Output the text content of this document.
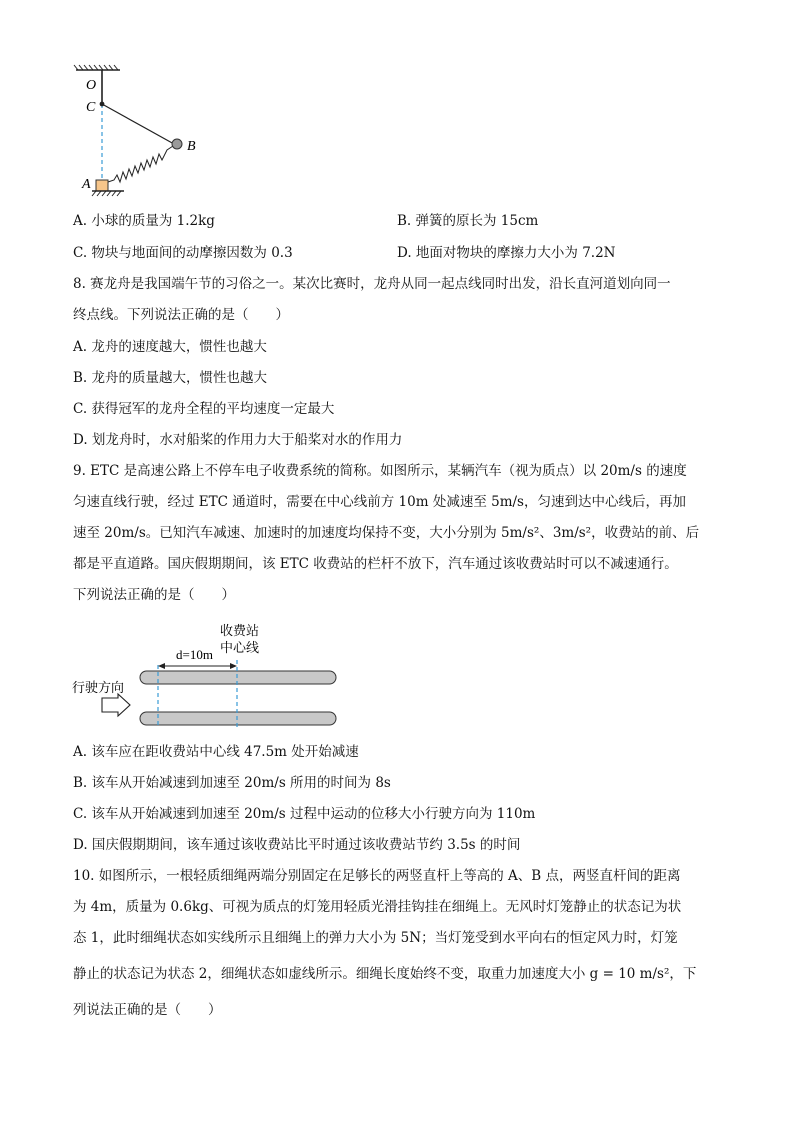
O
C
B
A
A. 小球的质量为 1.2kg	B. 弹簧的原长为 15cm
C. 物块与地面间的动摩擦因数为 0.3	D. 地面对物块的摩擦力大小为 7.2N
8. 赛龙舟是我国端午节的习俗之一。某次比赛时，龙舟从同一起点线同时出发，沿长直河道划向同一
终点线。下列说法正确的是（　　）
A. 龙舟的速度越大，惯性也越大
B. 龙舟的质量越大，惯性也越大
C. 获得冠军的龙舟全程的平均速度一定最大
D. 划龙舟时，水对船桨的作用力大于船桨对水的作用力
9. ETC 是高速公路上不停车电子收费系统的简称。如图所示，某辆汽车（视为质点）以 20m/s 的速度
匀速直线行驶，经过 ETC 通道时，需要在中心线前方 10m 处减速至 5m/s，匀速到达中心线后，再加
速至 20m/s。已知汽车减速、加速时的加速度均保持不变，大小分别为 5m/s²、3m/s²，收费站的前、后
都是平直道路。国庆假期期间，该 ETC 收费站的栏杆不放下，汽车通过该收费站时可以不减速通行。
下列说法正确的是（　　）
d=10m
收费站
中心线
行驶方向
A. 该车应在距收费站中心线 47.5m 处开始减速
B. 该车从开始减速到加速至 20m/s 所用的时间为 8s
C. 该车从开始减速到加速至 20m/s 过程中运动的位移大小行驶方向为 110m
D. 国庆假期期间，该车通过该收费站比平时通过该收费站节约 3.5s 的时间
10. 如图所示，一根轻质细绳两端分别固定在足够长的两竖直杆上等高的 A、B 点，两竖直杆间的距离
为 4m，质量为 0.6kg、可视为质点的灯笼用轻质光滑挂钩挂在细绳上。无风时灯笼静止的状态记为状
态 1，此时细绳状态如实线所示且细绳上的弹力大小为 5N；当灯笼受到水平向右的恒定风力时，灯笼
静止的状态记为状态 2，细绳状态如虚线所示。细绳长度始终不变，取重力加速度大小 g = 10 m/s²，下
列说法正确的是（　　）
